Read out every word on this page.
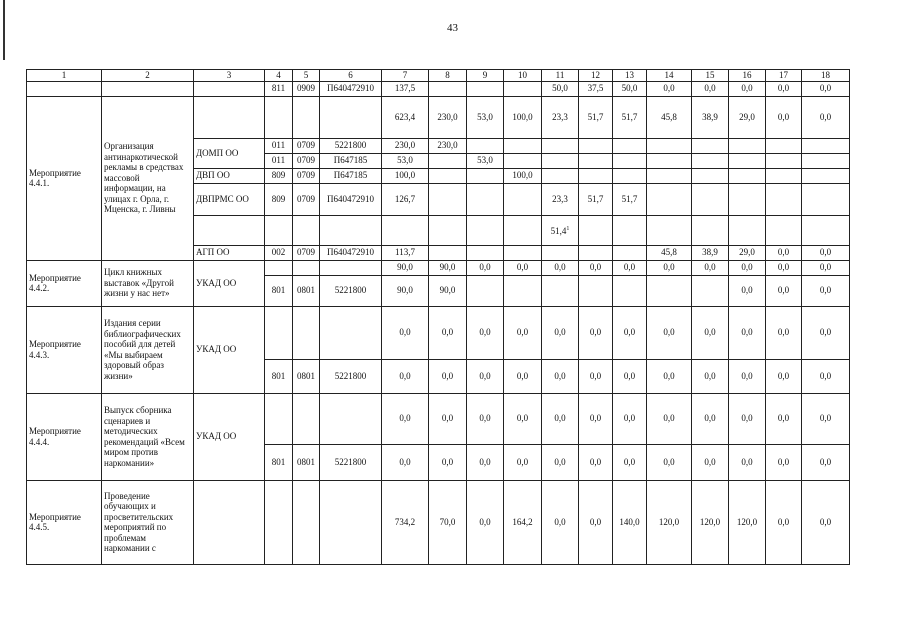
43
1	2	3	4	5	6	7	8	9	10	11	12	13	14	15	16	17	18
			811	0909	П640472910	137,5				50,0	37,5	50,0	0,0	0,0	0,0	0,0	0,0
Мероприятие 4.4.1.	Организация антинаркотической рекламы в средствах массовой информации, на улицах г. Орла, г. Мценска, г. Ливны					623,4	230,0	53,0	100,0	23,3	51,7	51,7	45,8	38,9	29,0	0,0	0,0
		ДОМП ОО	011	0709	5221800	230,0	230,0										
			011	0709	П647185	53,0		53,0									
		ДВП ОО	809	0709	П647185	100,0			100,0								
		ДВПРМС ОО	809	0709	П640472910	126,7				23,3	51,7	51,7					
										51,4$^1$							
		АГП ОО	002	0709	П640472910	113,7							45,8	38,9	29,0	0,0	0,0
Мероприятие 4.4.2.	Цикл книжных выставок «Другой жизни у нас нет»	УКАД ОО				90,0	90,0	0,0	0,0	0,0	0,0	0,0	0,0	0,0	0,0	0,0	0,0
			801	0801	5221800	90,0	90,0								0,0	0,0	0,0
Мероприятие 4.4.3.	Издания серии библиографических пособий для детей «Мы выбираем здоровый образ жизни»	УКАД ОО				0,0	0,0	0,0	0,0	0,0	0,0	0,0	0,0	0,0	0,0	0,0	0,0
			801	0801	5221800	0,0	0,0	0,0	0,0	0,0	0,0	0,0	0,0	0,0	0,0	0,0	0,0
Мероприятие 4.4.4.	Выпуск сборника сценариев и методических рекомендаций «Всем миром против наркомании»	УКАД ОО				0,0	0,0	0,0	0,0	0,0	0,0	0,0	0,0	0,0	0,0	0,0	0,0
			801	0801	5221800	0,0	0,0	0,0	0,0	0,0	0,0	0,0	0,0	0,0	0,0	0,0	0,0
Мероприятие 4.4.5.	Проведение обучающих и просветительских мероприятий по проблемам наркомании с					734,2	70,0	0,0	164,2	0,0	0,0	140,0	120,0	120,0	120,0	0,0	0,0
